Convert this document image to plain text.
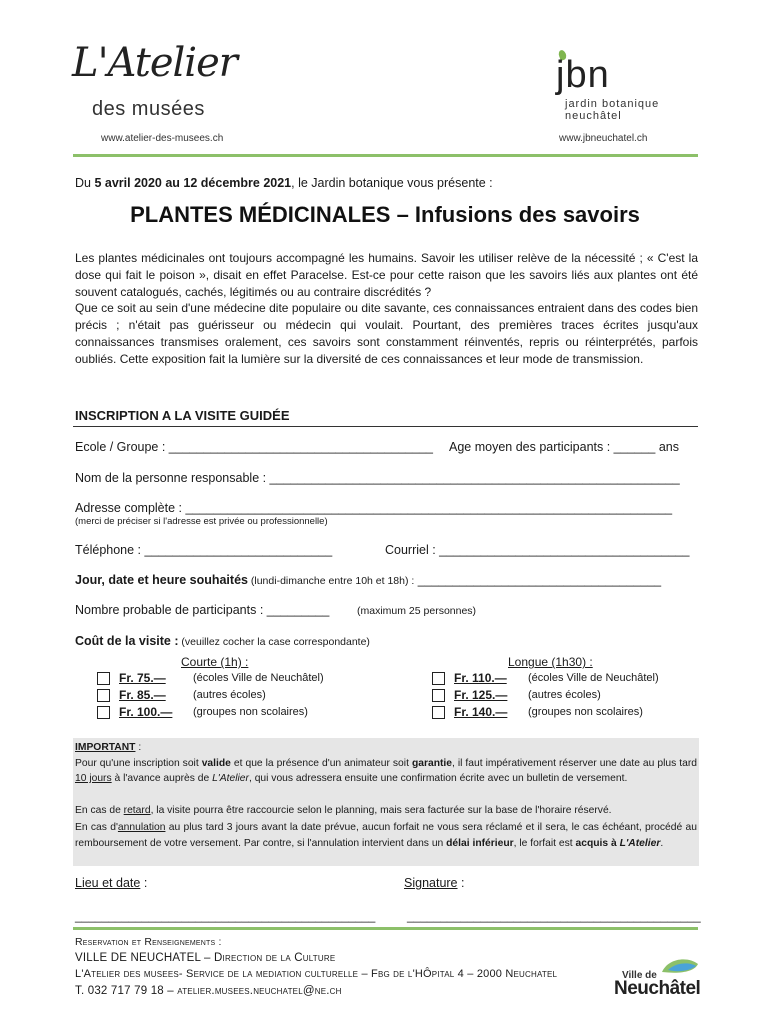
L'Atelier
des musées
www.atelier-des-musees.ch
jbn
jardin botanique
neuchâtel
www.jbneuchatel.ch
Du 5 avril 2020 au 12 décembre 2021, le Jardin botanique vous présente :
PLANTES MÉDICINALES – Infusions des savoirs
Les plantes médicinales ont toujours accompagné les humains. Savoir les utiliser relève de la nécessité ; « C'est la dose qui fait le poison », disait en effet Paracelse. Est-ce pour cette raison que les savoirs liés aux plantes ont été souvent catalogués, cachés, légitimés ou au contraire discrédités ?
Que ce soit au sein d'une médecine dite populaire ou dite savante, ces connaissances entraient dans des codes bien précis ; n'était pas guérisseur ou médecin qui voulait. Pourtant, des premières traces écrites jusqu'aux connaissances transmises oralement, ces savoirs sont constamment réinventés, repris ou réinterprétés, parfois oubliés. Cette exposition fait la lumière sur la diversité de ces connaissances et leur mode de transmission.
INSCRIPTION A LA VISITE GUIDÉE
Ecole / Groupe : ______________________________________ Age moyen des participants : ______ ans
Nom de la personne responsable : ___________________________________________________________
Adresse complète : ______________________________________________________________________
(merci de préciser si l'adresse est privée ou professionnelle)
Téléphone : ___________________________	Courriel : ____________________________________
Jour, date et heure souhaités (lundi-dimanche entre 10h et 18h) : ___________________________________
Nombre probable de participants : _________	(maximum 25 personnes)
Coût de la visite : (veuillez cocher la case correspondante)
Courte (1h) :	Longue (1h30) :
Fr. 75.— (écoles Ville de Neuchâtel)
Fr. 85.— (autres écoles)
Fr. 100.— (groupes non scolaires)
Fr. 110.— (écoles Ville de Neuchâtel)
Fr. 125.— (autres écoles)
Fr. 140.— (groupes non scolaires)
IMPORTANT :
Pour qu'une inscription soit valide et que la présence d'un animateur soit garantie, il faut impérativement réserver une date au plus tard 10 jours à l'avance auprès de L'Atelier, qui vous adressera ensuite une confirmation écrite avec un bulletin de versement.
En cas de retard, la visite pourra être raccourcie selon le planning, mais sera facturée sur la base de l'horaire réservé.
En cas d'annulation au plus tard 3 jours avant la date prévue, aucun forfait ne vous sera réclamé et il sera, le cas échéant, procédé au remboursement de votre versement. Par contre, si l'annulation intervient dans un délai inférieur, le forfait est acquis à L'Atelier.
Lieu et date :	Signature :
_____________________________________________	____________________________________________
Reservation et Renseignements :
VILLE DE NEUCHATEL – Direction de la Culture
L'Atelier des musees- Service de la mediation culturelle – Fbg de l'HÔpital 4 – 2000 Neuchatel
T. 032 717 79 18 – atelier.musees.neuchatel@ne.ch
Ville de
Neuchâtel
